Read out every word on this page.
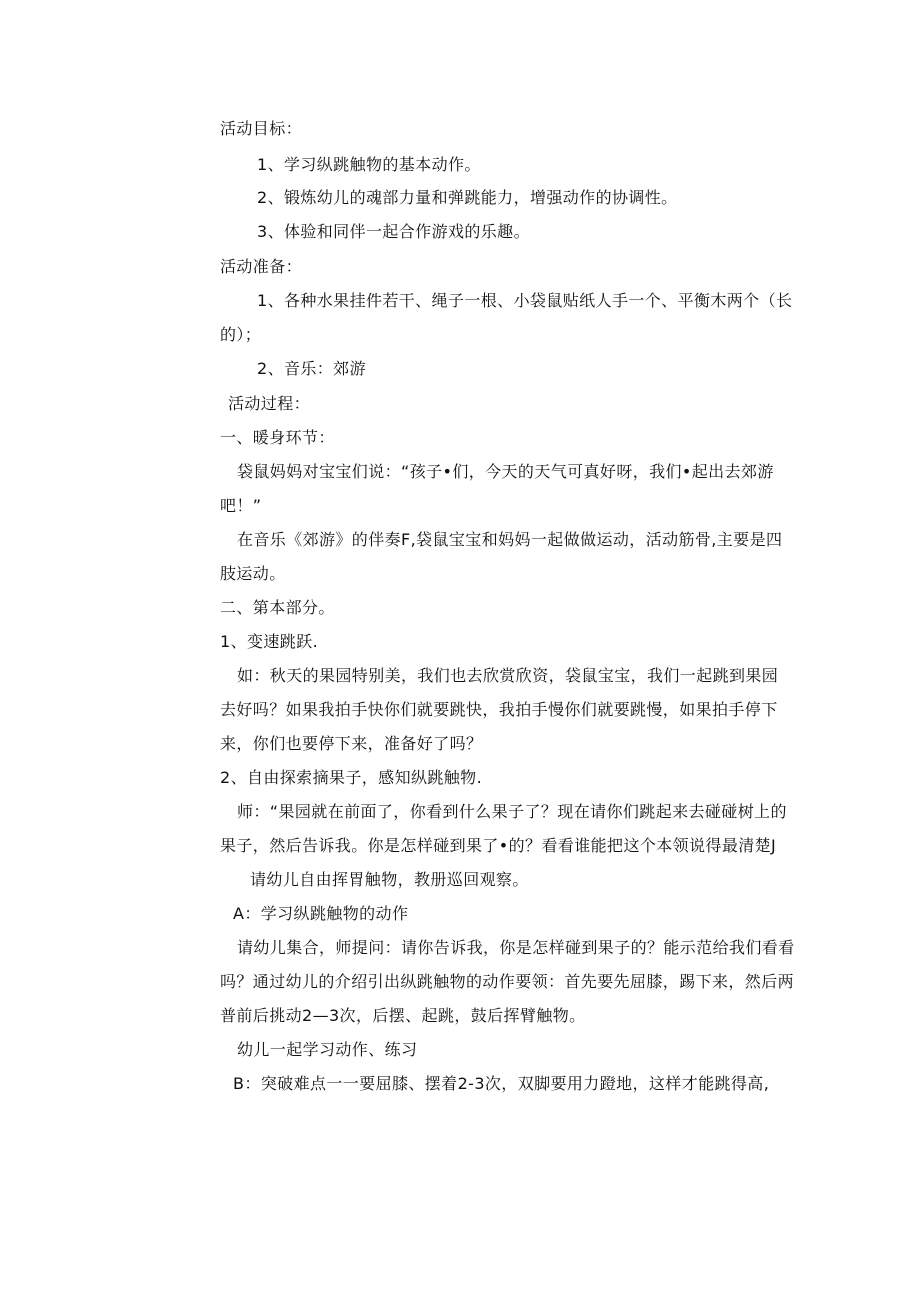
活动目标：
1、学习纵跳触物的基本动作。
2、锻炼幼儿的魂部力量和弹跳能力，增强动作的协调性。
3、体验和同伴一起合作游戏的乐趣。
活动准备：
1、各种水果挂件若干、绳子一根、小袋鼠贴纸人手一个、平衡木两个（长
的）；
2、音乐：郊游
活动过程：
一、暖身环节：
袋鼠妈妈对宝宝们说：“孩子•们，今天的天气可真好呀，我们•起出去郊游
吧！”
在音乐《郊游》的伴奏F,袋鼠宝宝和妈妈一起做做运动，活动筋骨,主要是四
肢运动。
二、第本部分。
1、变速跳跃.
如：秋天的果园特别美，我们也去欣赏欣资，袋鼠宝宝，我们一起跳到果园
去好吗？如果我拍手快你们就要跳快，我拍手慢你们就要跳慢，如果拍手停下
来，你们也要停下来，准备好了吗？
2、自由探索摘果子，感知纵跳触物.
师：“果园就在前面了，你看到什么果子了？现在请你们跳起来去碰碰树上的
果子，然后告诉我。你是怎样碰到果了•的？看看谁能把这个本领说得最清楚J
请幼儿自由挥胃触物，教册巡回观察。
A：学习纵跳触物的动作
请幼儿集合，师提问：请你告诉我，你是怎样碰到果子的？能示范给我们看看
吗？通过幼儿的介绍引出纵跳触物的动作要领：首先要先屈膝，踢下来，然后两
普前后挑动2—3次，后摆、起跳，鼓后挥臂触物。
幼儿一起学习动作、练习
B：突破难点一一要屈膝、摆着2-3次，双脚要用力蹬地，这样才能跳得高,
